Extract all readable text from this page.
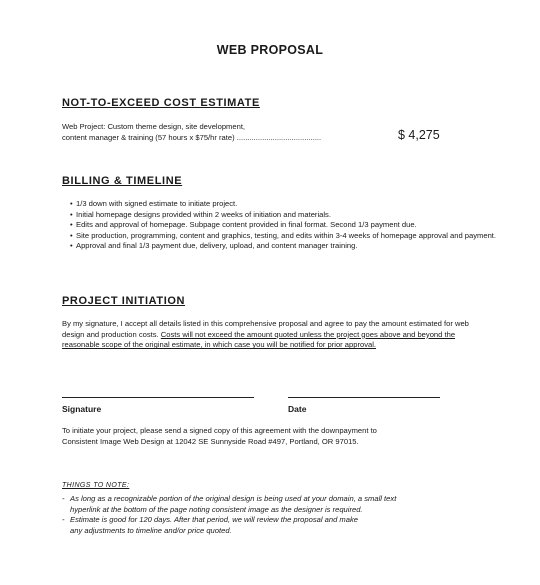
WEB PROPOSAL
NOT-TO-EXCEED COST ESTIMATE
Web Project: Custom theme design, site development,
content manager & training (57 hours x $75/hr rate) ........................................	$ 4,275
BILLING & TIMELINE
• 1/3 down with signed estimate to initiate project.
• Initial homepage designs provided within 2 weeks of initiation and materials.
• Edits and approval of homepage. Subpage content provided in final format. Second 1/3 payment due.
• Site production, programming, content and graphics, testing, and edits within 3-4 weeks of homepage approval and payment.
• Approval and final 1/3 payment due, delivery, upload, and content manager training.
PROJECT INITIATION
By my signature, I accept all details listed in this comprehensive proposal and agree to pay the amount estimated for web design and production costs. Costs will not exceed the amount quoted unless the project goes above and beyond the reasonable scope of the original estimate, in which case you will be notified for prior approval.
Signature	Date
To initiate your project, please send a signed copy of this agreement with the downpayment to
Consistent Image Web Design at 12042 SE Sunnyside Road #497, Portland, OR 97015.
THINGS TO NOTE:
- As long as a recognizable portion of the original design is being used at your domain, a small text
hyperlink at the bottom of the page noting consistent image as the designer is required.
- Estimate is good for 120 days. After that period, we will review the proposal and make
any adjustments to timeline and/or price quoted.
